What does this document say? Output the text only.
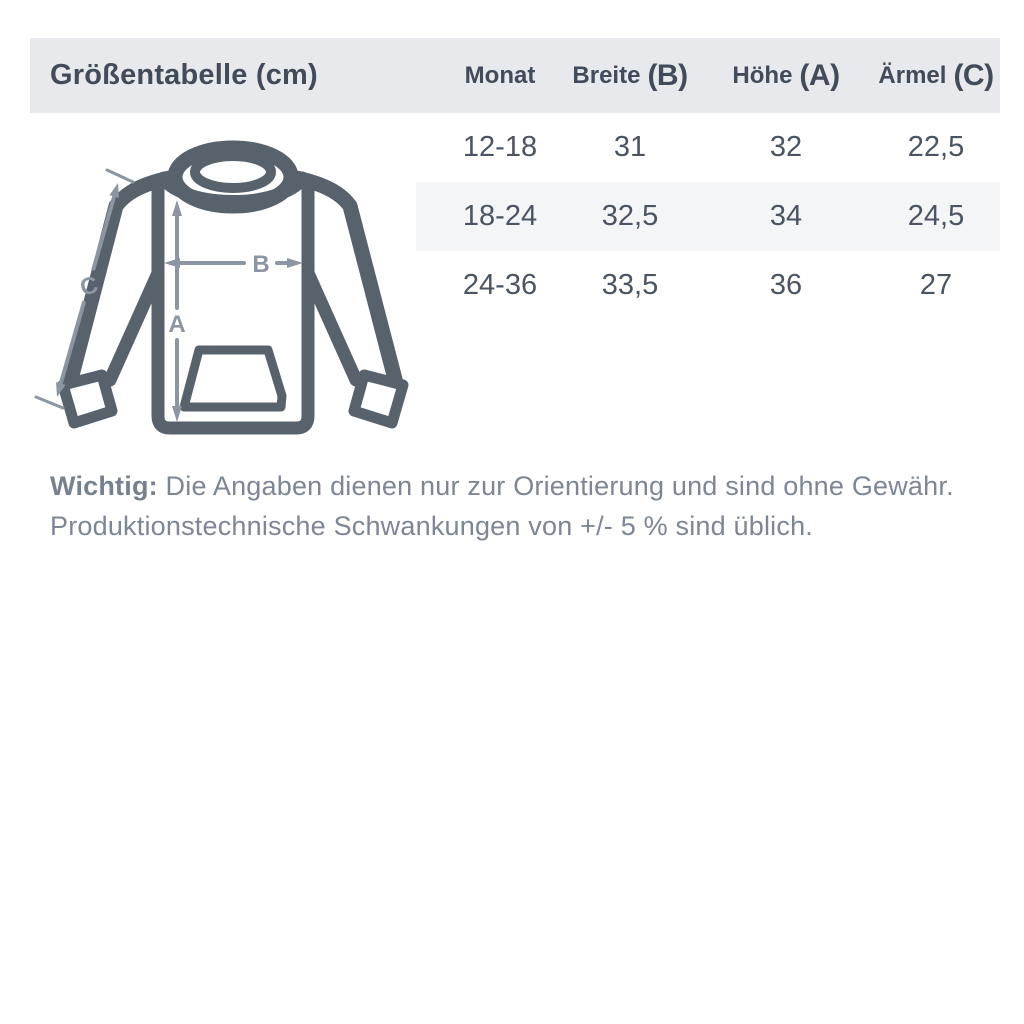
Größentabelle (cm)	Monat Breite (B) Höhe (A) Ärmel (C)
12-18	31	32	22,5
18-24	32,5	34	24,5
24-36	33,5	36	27
A
B
C
Wichtig: Die Angaben dienen nur zur Orientierung und sind ohne Gewähr.
Produktionstechnische Schwankungen von +/- 5 % sind üblich.
